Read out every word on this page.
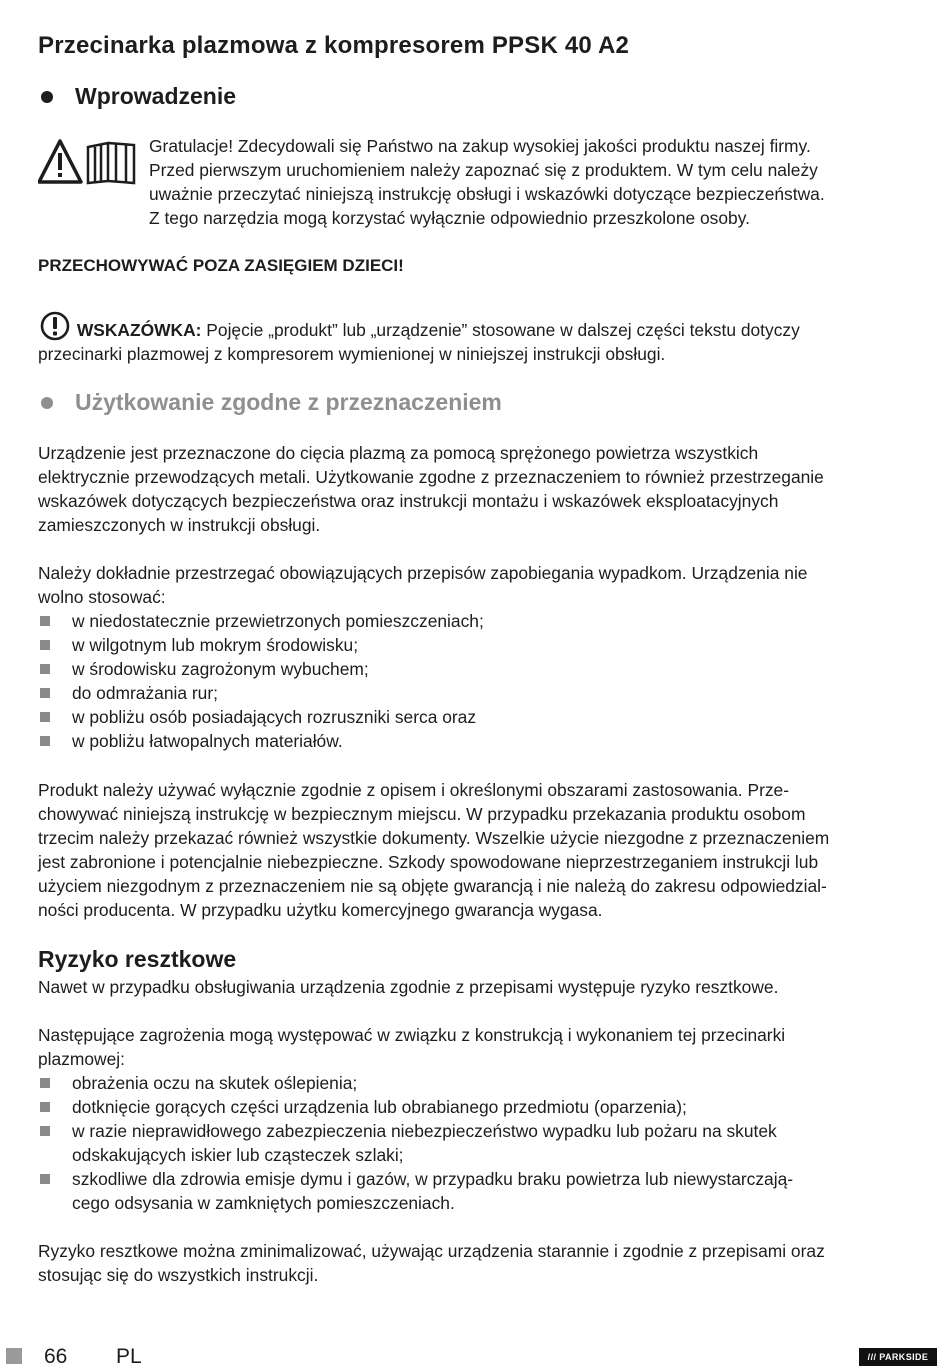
Przecinarka plazmowa z kompresorem PPSK 40 A2
Wprowadzenie
Gratulacje! Zdecydowali się Państwo na zakup wysokiej jakości produktu naszej firmy.
Przed pierwszym uruchomieniem należy zapoznać się z produktem. W tym celu należy
uważnie przeczytać niniejszą instrukcję obsługi i wskazówki dotyczące bezpieczeństwa.
Z tego narzędzia mogą korzystać wyłącznie odpowiednio przeszkolone osoby.

PRZECHOWYWAĆ POZA ZASIĘGIEM DZIECI!

WSKAZÓWKA: Pojęcie „produkt” lub „urządzenie” stosowane w dalszej części tekstu dotyczy
przecinarki plazmowej z kompresorem wymienionej w niniejszej instrukcji obsługi.
Użytkowanie zgodne z przeznaczeniem
Urządzenie jest przeznaczone do cięcia plazmą za pomocą sprężonego powietrza wszystkich
elektrycznie przewodzących metali. Użytkowanie zgodne z przeznaczeniem to również przestrzeganie
wskazówek dotyczących bezpieczeństwa oraz instrukcji montażu i wskazówek eksploatacyjnych
zamieszczonych w instrukcji obsługi.
Należy dokładnie przestrzegać obowiązujących przepisów zapobiegania wypadkom. Urządzenia nie
wolno stosować:
w niedostatecznie przewietrzonych pomieszczeniach;
w wilgotnym lub mokrym środowisku;
w środowisku zagrożonym wybuchem;
do odmrażania rur;
w pobliżu osób posiadających rozruszniki serca oraz
w pobliżu łatwopalnych materiałów.
Produkt należy używać wyłącznie zgodnie z opisem i określonymi obszarami zastosowania. Prze-
chowywać niniejszą instrukcję w bezpiecznym miejscu. W przypadku przekazania produktu osobom
trzecim należy przekazać również wszystkie dokumenty. Wszelkie użycie niezgodne z przeznaczeniem
jest zabronione i potencjalnie niebezpieczne. Szkody spowodowane nieprzestrzeganiem instrukcji lub
użyciem niezgodnym z przeznaczeniem nie są objęte gwarancją i nie należą do zakresu odpowiedzial-
ności producenta. W przypadku użytku komercyjnego gwarancja wygasa.
Ryzyko resztkowe
Nawet w przypadku obsługiwania urządzenia zgodnie z przepisami występuje ryzyko resztkowe.
Następujące zagrożenia mogą występować w związku z konstrukcją i wykonaniem tej przecinarki
plazmowej:
obrażenia oczu na skutek oślepienia;
dotknięcie gorących części urządzenia lub obrabianego przedmiotu (oparzenia);
w razie nieprawidłowego zabezpieczenia niebezpieczeństwo wypadku lub pożaru na skutek
odskakujących iskier lub cząsteczek szlaki;
szkodliwe dla zdrowia emisje dymu i gazów, w przypadku braku powietrza lub niewystarczają-
cego odsysania w zamkniętych pomieszczeniach.
Ryzyko resztkowe można zminimalizować, używając urządzenia starannie i zgodnie z przepisami oraz
stosując się do wszystkich instrukcji.
66 PL	/// PARKSIDE
